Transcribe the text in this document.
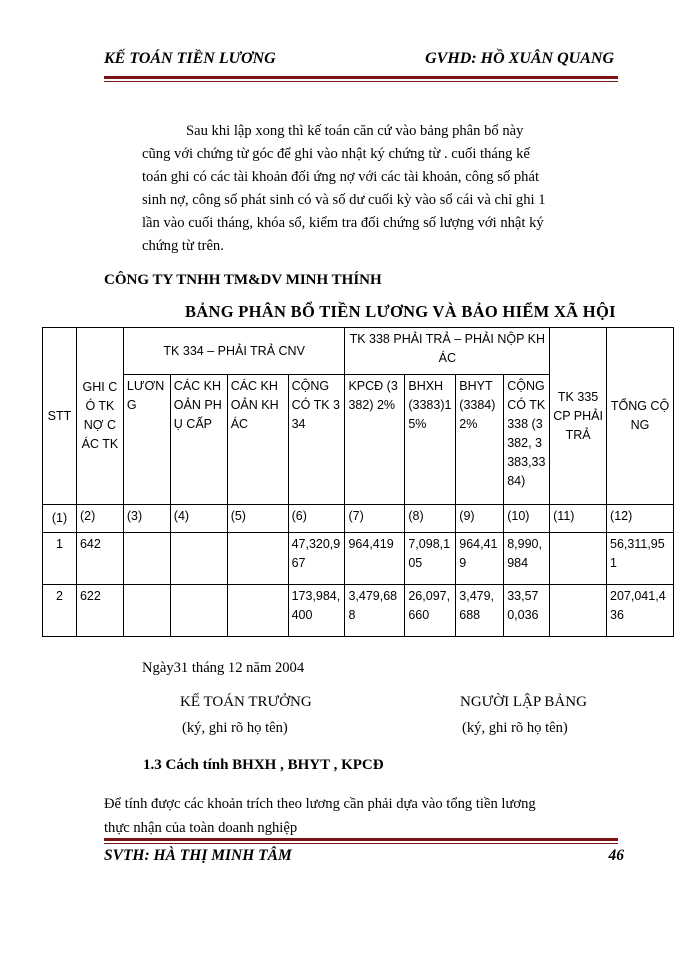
KẾ TOÁN TIỀN LƯƠNG	GVHD: HỒ XUÂN QUANG
Sau khi lập xong thì kế toán căn cứ vào bảng phân bổ này
cũng với chứng từ góc để ghi vào nhật ký chứng từ . cuối tháng kế
toán ghi có các tài khoản đối ứng nợ với các tài khoản, công số phát
sinh nợ, công số phát sinh có và số dư cuối kỳ vào sổ cái và chỉ ghi 1
lần vào cuối tháng, khóa sổ, kiểm tra đối chứng số lượng với nhật ký
chứng từ trên.
CÔNG TY TNHH TM&DV MINH THÍNH
BẢNG PHÂN BỔ TIỀN LƯƠNG VÀ BẢO HIỂM XÃ HỘI
STT	GHI CÓ TK NỢ CÁC TK	TK 334 – PHẢI TRẢ CNV				TK 338 PHẢI TRẢ – PHẢI NỘP KHÁC				TK 335 CP PHẢI TRẢ	TỔNG CỘNG
		LƯƠNG	CÁC KHOẢN PHỤ CẤP	CÁC KHOẢN KHÁC	CỘNG CÓ TK 334	KPCĐ (3382) 2%	BHXH (3383)15%	BHYT (3384) 2%	CỘNG CÓ TK 338 (3382, 3383,3384)		
(1)	(2)	(3)	(4)	(5)	(6)	(7)	(8)	(9)	(10)	(11)	(12)
1	642				47,320,967	964,419	7,098,105	964,419	8,990,984		56,311,951
2	622				173,984,400	3,479,688	26,097,660	3,479,688	33,570,036		207,041,436
Ngày31 tháng 12 năm 2004
KẾ TOÁN TRƯỞNG
(ký, ghi rõ họ tên)
NGƯỜI LẬP BẢNG
(ký, ghi rõ họ tên)
1.3 Cách tính BHXH , BHYT , KPCĐ
Để tính được các khoản trích theo lương cần phải dựa vào tổng tiền lương
thực nhận của toàn doanh nghiệp
SVTH: HÀ THỊ MINH TÂM	46
